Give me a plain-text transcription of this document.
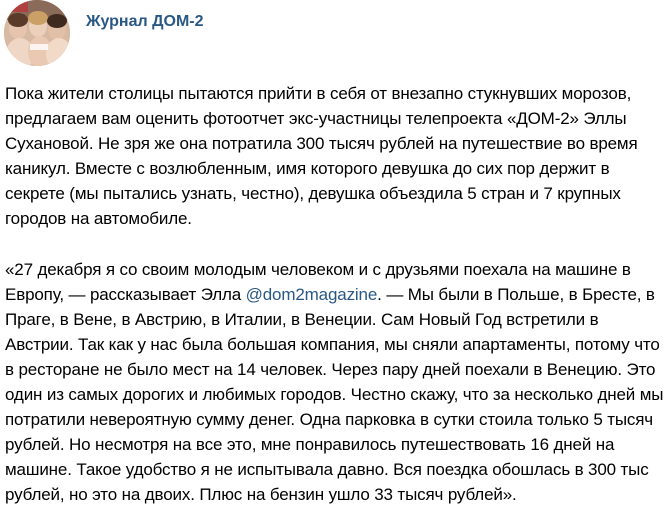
Журнал ДОМ-2

Пока жители столицы пытаются прийти в себя от внезапно стукнувших морозов, предлагаем вам оценить фотоотчет экс-участницы телепроекта «ДОМ-2» Эллы Сухановой. Не зря же она потратила 300 тысяч рублей на путешествие во время каникул. Вместе с возлюбленным, имя которого девушка до сих пор держит в секрете (мы пытались узнать, честно), девушка объездила 5 стран и 7 крупных городов на автомобиле.

«27 декабря я со своим молодым человеком и с друзьями поехала на машине в Европу, — рассказывает Элла @dom2magazine. — Мы были в Польше, в Бресте, в Праге, в Вене, в Австрию, в Италии, в Венеции. Сам Новый Год встретили в Австрии. Так как у нас была большая компания, мы сняли апартаменты, потому что в ресторане не было мест на 14 человек. Через пару дней поехали в Венецию. Это один из самых дорогих и любимых городов. Честно скажу, что за несколько дней мы потратили невероятную сумму денег. Одна парковка в сутки стоила только 5 тысяч рублей. Но несмотря на все это, мне понравилось путешествовать 16 дней на машине. Такое удобство я не испытывала давно. Вся поездка обошлась в 300 тыс рублей, но это на двоих. Плюс на бензин ушло 33 тысяч рублей».
